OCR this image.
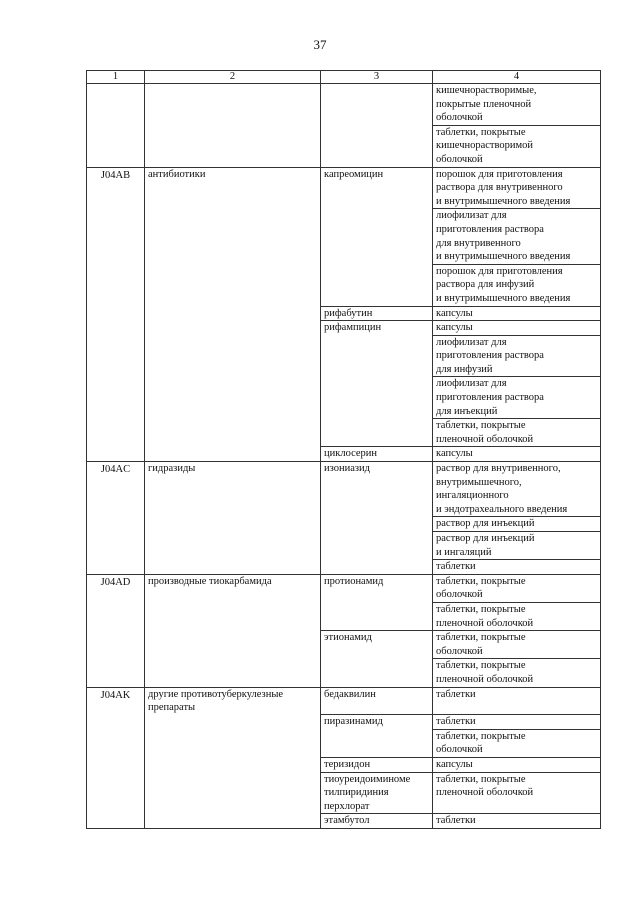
37
1	2	3	4
			кишечнорастворимые,
покрытые пленочной
оболочкой
			таблетки, покрытые
кишечнорастворимой
оболочкой
J04AB	антибиотики	капреомицин	порошок для приготовления
раствора для внутривенного
и внутримышечного введения
			лиофилизат для
приготовления раствора
для внутривенного
и внутримышечного введения
			порошок для приготовления
раствора для инфузий
и внутримышечного введения
		рифабутин	капсулы
		рифампицин	капсулы
			лиофилизат для
приготовления раствора
для инфузий
			лиофилизат для
приготовления раствора
для инъекций
			таблетки, покрытые
пленочной оболочкой
		циклосерин	капсулы
J04AC	гидразиды	изониазид	раствор для внутривенного,
внутримышечного,
ингаляционного
и эндотрахеального введения
			раствор для инъекций
			раствор для инъекций
и ингаляций
			таблетки
J04AD	производные тиокарбамида	протионамид	таблетки, покрытые
оболочкой
			таблетки, покрытые
пленочной оболочкой
		этионамид	таблетки, покрытые
оболочкой
			таблетки, покрытые
пленочной оболочкой
J04AK	другие противотуберкулезные
препараты	бедаквилин	таблетки
		пиразинамид	таблетки
			таблетки, покрытые
оболочкой
		теризидон	капсулы
		тиоуреидоиминоме
тилпиридиния
перхлорат	таблетки, покрытые
пленочной оболочкой
		этамбутол	таблетки
